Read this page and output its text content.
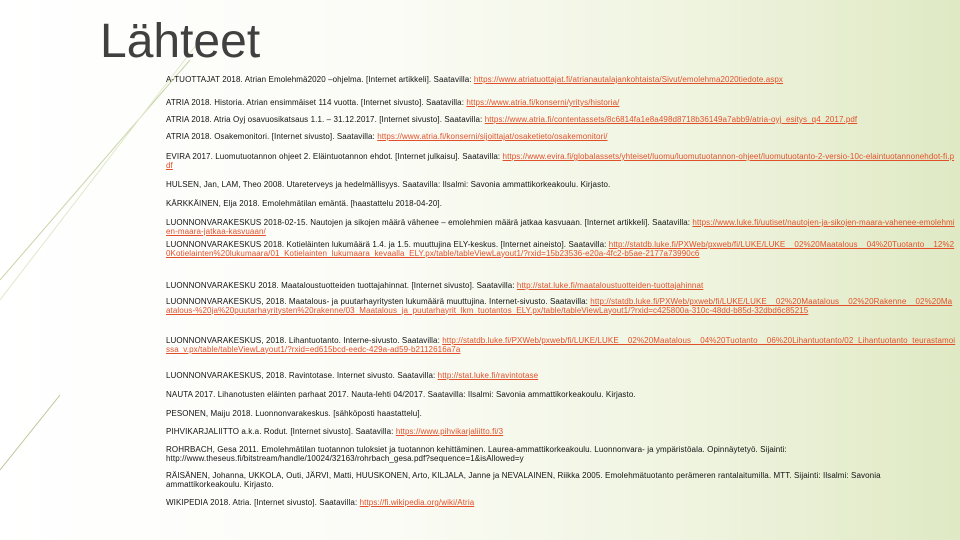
Lähteet
A-TUOTTAJAT 2018. Atrian Emolehmä2020 –ohjelma. [Internet artikkeli]. Saatavilla: https://www.atriatuottajat.fi/atrianautalajankohtaista/Sivut/emolehma2020tiedote.aspx
ATRIA 2018. Historia. Atrian ensimmäiset 114 vuotta. [Internet sivusto]. Saatavilla: https://www.atria.fi/konserni/yritys/historia/
ATRIA 2018. Atria Oyj osavuosikatsaus 1.1. – 31.12.2017. [Internet sivusto]. Saatavilla: https://www.atria.fi/contentassets/8c6814fa1e8a498d8718b36149a7abb9/atria-oyj_esitys_q4_2017.pdf
ATRIA 2018. Osakemonitori. [Internet sivusto]. Saatavilla: https://www.atria.fi/konserni/sijoittajat/osaketieto/osakemonitori/
EVIRA 2017. Luomutuotannon ohjeet 2. Eläintuotannon ehdot. [Internet julkaisu]. Saatavilla: https://www.evira.fi/globalassets/yhteiset/luomu/luomutuotannon-ohjeet/luomutuotanto-2-versio-10c-elaintuotannonehdot-fi.pdf
HULSEN, Jan, LAM, Theo 2008. Utareterveys ja hedelmällisyys. Saatavilla: Ilsalmi: Savonia ammattikorkeakoulu. Kirjasto.
KÄRKKÄINEN, Elja 2018. Emolehmätilan emäntä. [haastattelu 2018-04-20].
LUONNONVARAKESKUS 2018-02-15. Nautojen ja sikojen määrä vähenee – emolehmien määrä jatkaa kasvuaan. [Internet artikkeli]. Saatavilla: https://www.luke.fi/uutiset/nautojen-ja-sikojen-maara-vahenee-emolehmien-maara-jatkaa-kasvuaan/
LUONNONVARAKESKUS 2018. Kotieläinten lukumäärä 1.4. ja 1.5. muuttujina ELY-keskus. [Internet aineisto]. Saatavilla: http://statdb.luke.fi/PXWeb/pxweb/fi/LUKE/LUKE__02%20Maatalous__04%20Tuotanto__12%20Kotielainten%20lukumaara/01_Kotielainten_lukumaara_kevaalla_ELY.px/table/tableViewLayout1/?rxid=15b23536-e20a-4fc2-b5ae-2177a73990c6
LUONNONVARAKESKU 2018. Maataloustuotteiden tuottajahinnat. [Internet sivusto]. Saatavilla: http://stat.luke.fi/maataloustuotteiden-tuottajahinnat
LUONNONVARAKESKUS, 2018. Maatalous- ja puutarhayritysten lukumäärä muuttujina. Internet-sivusto. Saatavilla: http://statdb.luke.fi/PXWeb/pxweb/fi/LUKE/LUKE__02%20Maatalous__02%20Rakenne__02%20Maatalous-%20ja%20puutarhayritysten%20rakenne/03_Maatalous_ja_puutarhayrit_lkm_tuotantos_ELY.px/table/tableViewLayout1/?rxid=c425800a-310c-48dd-b85d-32dbd6c85215
LUONNONVARAKESKUS, 2018. Lihantuotanto. Interne-sivusto. Saatavilla: http://statdb.luke.fi/PXWeb/pxweb/fi/LUKE/LUKE__02%20Maatalous__04%20Tuotanto__06%20Lihantuotanto/02_Lihantuotanto_teurastamoissa_v.px/table/tableViewLayout1/?rxid=ed615bcd-eedc-429a-ad59-b2112616a7a
LUONNONVARAKESKUS, 2018. Ravintotase. Internet sivusto. Saatavilla: http://stat.luke.fi/ravintotase
NAUTA 2017. Lihanotusten eläinten parhaat 2017. Nauta-lehti 04/2017. Saatavilla: Ilsalmi: Savonia ammattikorkeakoulu. Kirjasto.
PESONEN, Maiju 2018. Luonnonvarakeskus. [sähköposti haastattelu].
PIHVIKARJALIITTO a.k.a. Rodut. [Internet sivusto]. Saatavilla: https://www.pihvikarjaliitto.fi/3
ROHRBACH, Gesa 2011. Emolehmätilan tuotannon tuloksiet ja tuotannon kehittäminen. Laurea-ammattikorkeakoulu. Luonnonvara- ja ympäristöala. Opinnäytetyö. Sijainti: http://www.theseus.fi/bitstream/handle/10024/32163/rohrbach_gesa.pdf?sequence=1&isAllowed=y
RÄISÄNEN, Johanna, UKKOLA, Outi, JÄRVI, Matti, HUUSKONEN, Arto, KILJALA, Janne ja NEVALAINEN, Riikka 2005. Emolehmätuotanto perämeren rantalaitumilla. MTT. Sijainti: Ilsalmi: Savonia ammattikorkeakoulu. Kirjasto.
WIKIPEDIA 2018. Atria. [Internet sivusto]. Saatavilla: https://fi.wikipedia.org/wiki/Atria
